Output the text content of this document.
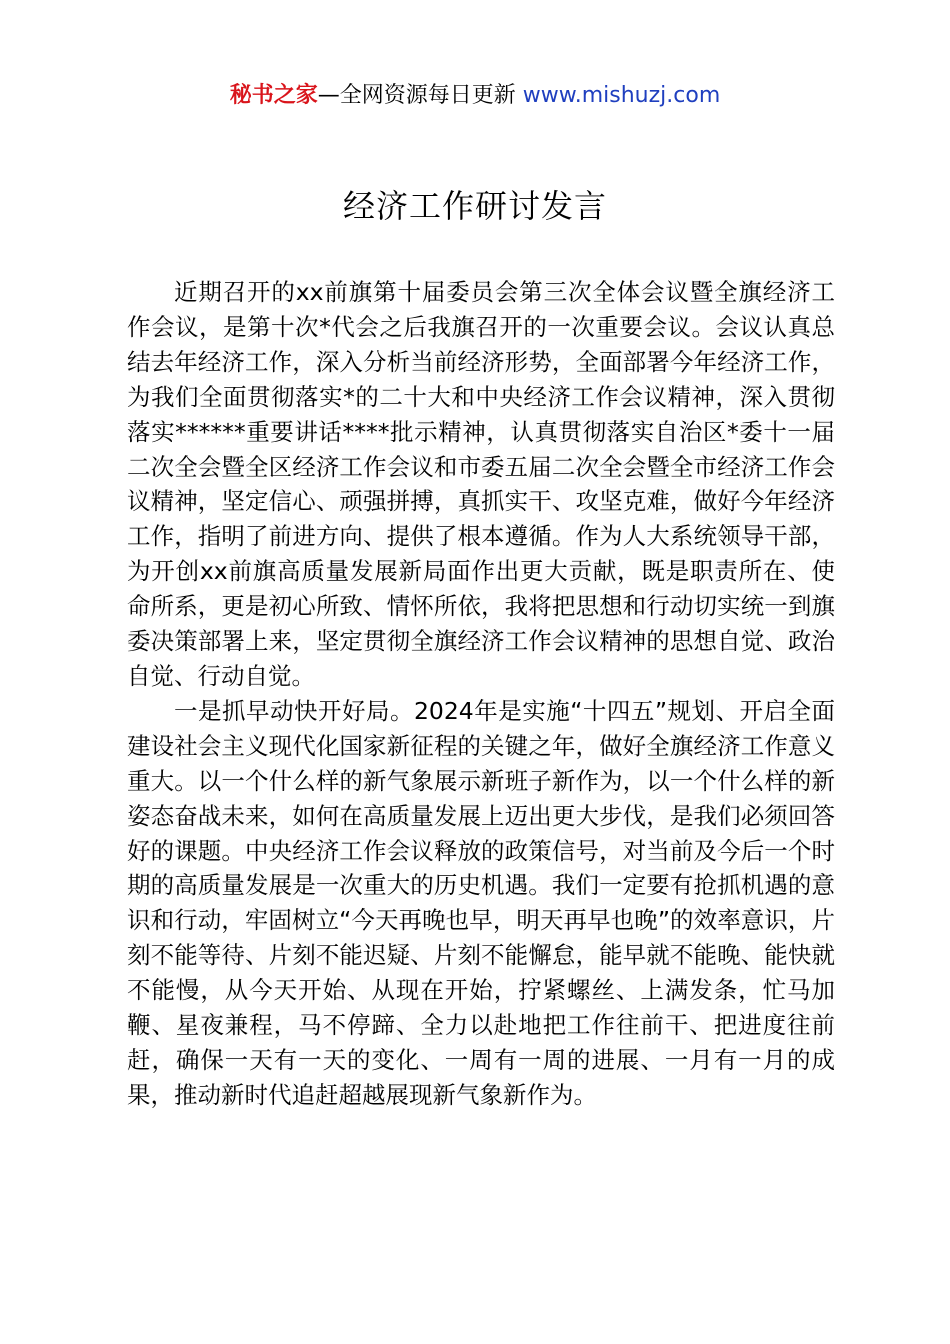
秘书之家—全网资源每日更新 www.mishuzj.com
经济工作研讨发言

近期召开的xx前旗第十届委员会第三次全体会议暨全旗经济工作会议，是第十次*代会之后我旗召开的一次重要会议。会议认真总结去年经济工作，深入分析当前经济形势，全面部署今年经济工作，为我们全面贯彻落实*的二十大和中央经济工作会议精神，深入贯彻落实******重要讲话****批示精神，认真贯彻落实自治区*委十一届二次全会暨全区经济工作会议和市委五届二次全会暨全市经济工作会议精神，坚定信心、顽强拼搏，真抓实干、攻坚克难，做好今年经济工作，指明了前进方向、提供了根本遵循。作为人大系统领导干部，为开创xx前旗高质量发展新局面作出更大贡献，既是职责所在、使命所系，更是初心所致、情怀所依，我将把思想和行动切实统一到旗委决策部署上来，坚定贯彻全旗经济工作会议精神的思想自觉、政治自觉、行动自觉。

一是抓早动快开好局。2024年是实施“十四五”规划、开启全面建设社会主义现代化国家新征程的关键之年，做好全旗经济工作意义重大。以一个什么样的新气象展示新班子新作为，以一个什么样的新姿态奋战未来，如何在高质量发展上迈出更大步伐，是我们必须回答好的课题。中央经济工作会议释放的政策信号，对当前及今后一个时期的高质量发展是一次重大的历史机遇。我们一定要有抢抓机遇的意识和行动，牢固树立“今天再晚也早，明天再早也晚”的效率意识，片刻不能等待、片刻不能迟疑、片刻不能懈怠，能早就不能晚、能快就不能慢，从今天开始、从现在开始，拧紧螺丝、上满发条，忙马加鞭、星夜兼程，马不停蹄、全力以赴地把工作往前干、把进度往前赶，确保一天有一天的变化、一周有一周的进展、一月有一月的成果，推动新时代追赶超越展现新气象新作为。
